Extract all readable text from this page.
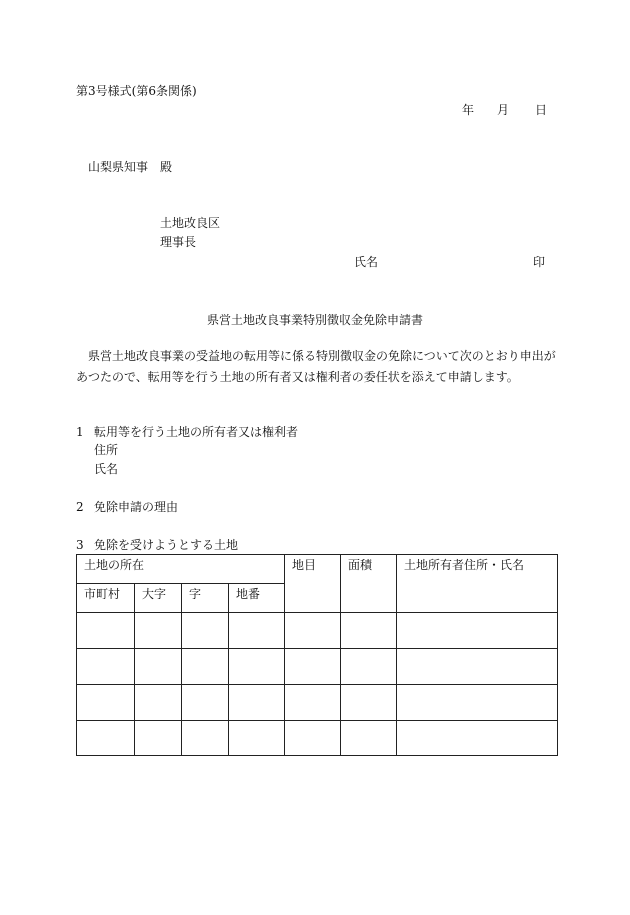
第3号様式(第6条関係)
年 月 日
山梨県知事　殿
土地改良区
理事長
氏名	印
県営土地改良事業特別徴収金免除申請書
県営土地改良事業の受益地の転用等に係る特別徴収金の免除について次のとおり申出が
あつたので、転用等を行う土地の所有者又は権利者の委任状を添えて申請します。
1 転用等を行う土地の所有者又は権利者
住所
氏名
2 免除申請の理由
3 免除を受けようとする土地
土地の所在				地目	面積	土地所有者住所・氏名
市町村	大字	字	地番			
